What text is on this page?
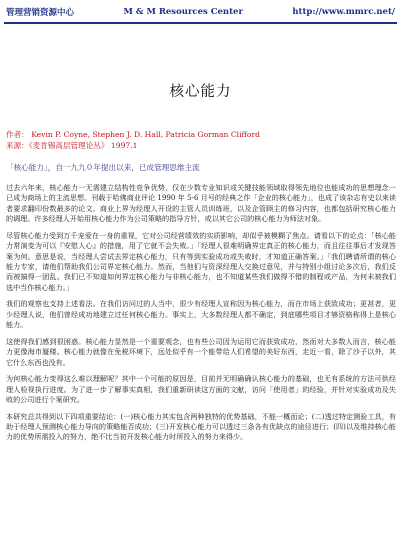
管理营销资源中心	M & M Resources Center	http://www.mmrc.net/
核心能力
作者： Kevin P. Coyne, Stephen J. D. Hall, Patricia Gorman Clifford
来源：《麦肯锡高层管理论丛》 1997.1
「核心能力」，自一九九０年提出以来，已成管理思维主流

过去六年来，核心能力一无需建立结构性竞争优势，仅在少数专业知识或关键技能领域取得领先地位也能成功的思想理念一已成为商场上的主流思想。刊载于哈佛商业评论 1990 年 5-6 月号的经典之作「企业的核心能力」，也成了该杂志有史以来读者要求翻印份数最多的论文。商业上界为经理人开设的主管人员训练班，以及企管顾主的修习内容，也都包括研究核心能力的调理。许多经理人开始用核心能力作为公司策略的指导方针，或以其它公司的核心能力为师法对象。

尽管核心能力受到万千宠爱在一身的重视，它对公司经营绩效的实质影响，却似乎被模糊了焦点。请看以下的论点：「核心能力常演变为可以『安慰人心』的措施，用了它就不会失败。」「经理人很难明确界定真正的核心能力，而且往往事后才发现答案为何。意思是说，当经理人尝试去界定核心能力，只有等到实验成功或失败时，才知道正确答案。」「我们聘请所谓的核心能力专家，请他们帮助我们公司界定核心能力。然而，当他们与资深经理人交换过意见，并与特别小组讨论多次后，我们反而被搞得一团乱。我们已不知道如何界定核心能力与非核心能力，也不知道某些我们做得不错的制程或产品，为何未被我们选中当作核心能力。」

我们的观察也支持上述看法。在我们访问过的人当中，很少有经理人宣称因为核心能力，而在市场上获致成功；更甚者，更少经理人说，他们曾经成功地建立过任何核心能力。事实上，大多数经理人都不确定，到底哪些项目才够资格称得上是核心能力。

这使得我们感到很困惑。核心能力显然是一个重要观念，也有些公司因为运用它而获致成功，然而对大多数人而言，核心能力更像海市蜃楼。核心能力就像在免税环境下，远处似乎有一个能带给人们希望的美好东西，走近一看，除了沙子以外，其它什么东西也没有。

为何核心能力变得这么难以理解呢？其中一个可能的原因是，目前并无明确确认核心能力的基础，也无有系统的方法可供经理人检视执行进度。为了进一步了解事实真相，我们重新研读这方面的文献，访问「使用者」的经验，并针对实验成功及失败的公司进行个案研究。

本研究总共得到以下四项重要结论：(一)核心能力其实包含两种独特的优势基础，不能一概而论；(二)透过特定测验工具，有助于经理人预测核心能力导向的策略能否成功；(三)开发核心能力可以透过三条各有优缺点的途径进行；(四)以及维持核心能力的优势所需投入的努力，绝不比当初开发核心能力时所投入的努力来得少。
